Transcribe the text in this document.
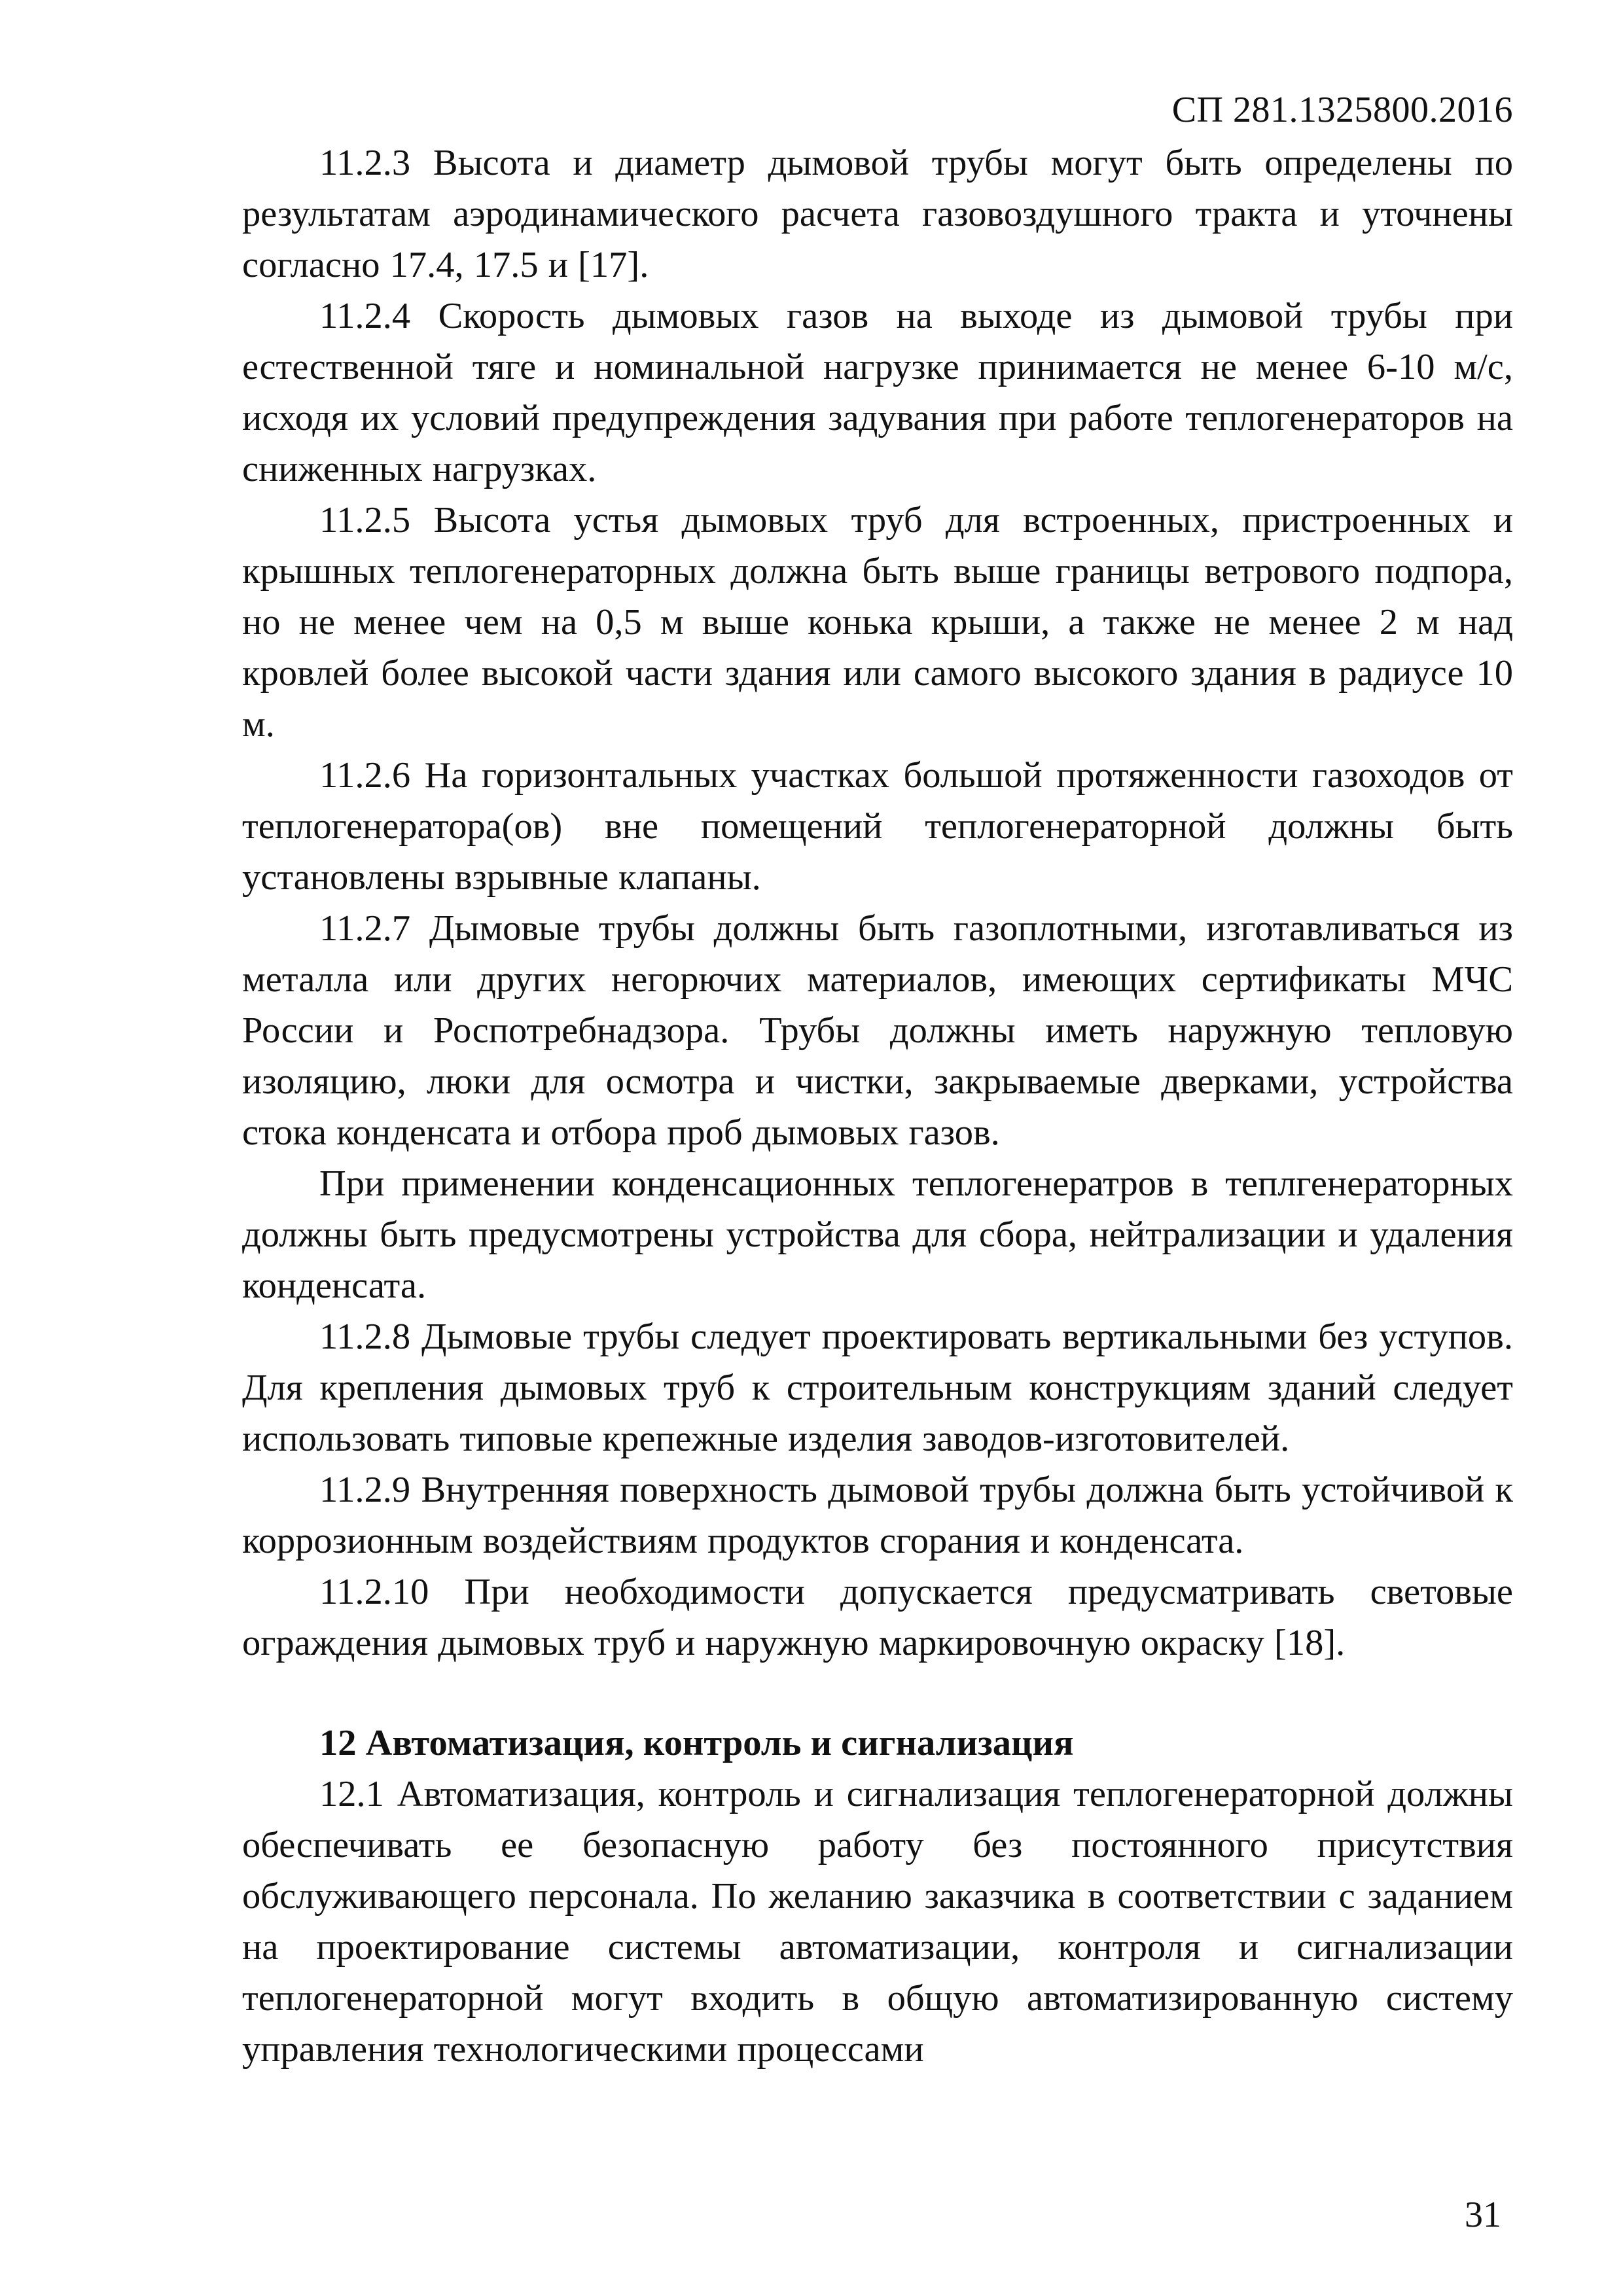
СП 281.1325800.2016

11.2.3 Высота и диаметр дымовой трубы могут быть определены по результатам аэродинамического расчета газовоздушного тракта и уточнены согласно 17.4, 17.5 и [17].

11.2.4 Скорость дымовых газов на выходе из дымовой трубы при естественной тяге и номинальной нагрузке принимается не менее 6-10 м/с, исходя их условий предупреждения задувания при работе теплогенераторов на сниженных нагрузках.

11.2.5 Высота устья дымовых труб для встроенных, пристроенных и крышных теплогенераторных должна быть выше границы ветрового подпора, но не менее чем на 0,5 м выше конька крыши, а также не менее 2 м над кровлей более высокой части здания или самого высокого здания в радиусе 10 м.

11.2.6 На горизонтальных участках большой протяженности газоходов от теплогенератора(ов) вне помещений теплогенераторной должны быть установлены взрывные клапаны.

11.2.7 Дымовые трубы должны быть газоплотными, изготавливаться из металла или других негорючих материалов, имеющих сертификаты МЧС России и Роспотребнадзора. Трубы должны иметь наружную тепловую изоляцию, люки для осмотра и чистки, закрываемые дверками, устройства стока конденсата и отбора проб дымовых газов.

При применении конденсационных теплогенератров в теплгенераторных должны быть предусмотрены устройства для сбора, нейтрализации и удаления конденсата.

11.2.8 Дымовые трубы следует проектировать вертикальными без уступов. Для крепления дымовых труб к строительным конструкциям зданий следует использовать типовые крепежные изделия заводов-изготовителей.

11.2.9 Внутренняя поверхность дымовой трубы должна быть устойчивой к коррозионным воздействиям продуктов сгорания и конденсата.

11.2.10 При необходимости допускается предусматривать световые ограждения дымовых труб и наружную маркировочную окраску [18].

12 Автоматизация, контроль и сигнализация

12.1 Автоматизация, контроль и сигнализация теплогенераторной должны обеспечивать ее безопасную работу без постоянного присутствия обслуживающего персонала. По желанию заказчика в соответствии с заданием на проектирование системы автоматизации, контроля и сигнализации теплогенераторной могут входить в общую автоматизированную систему управления технологическими процессами

31
